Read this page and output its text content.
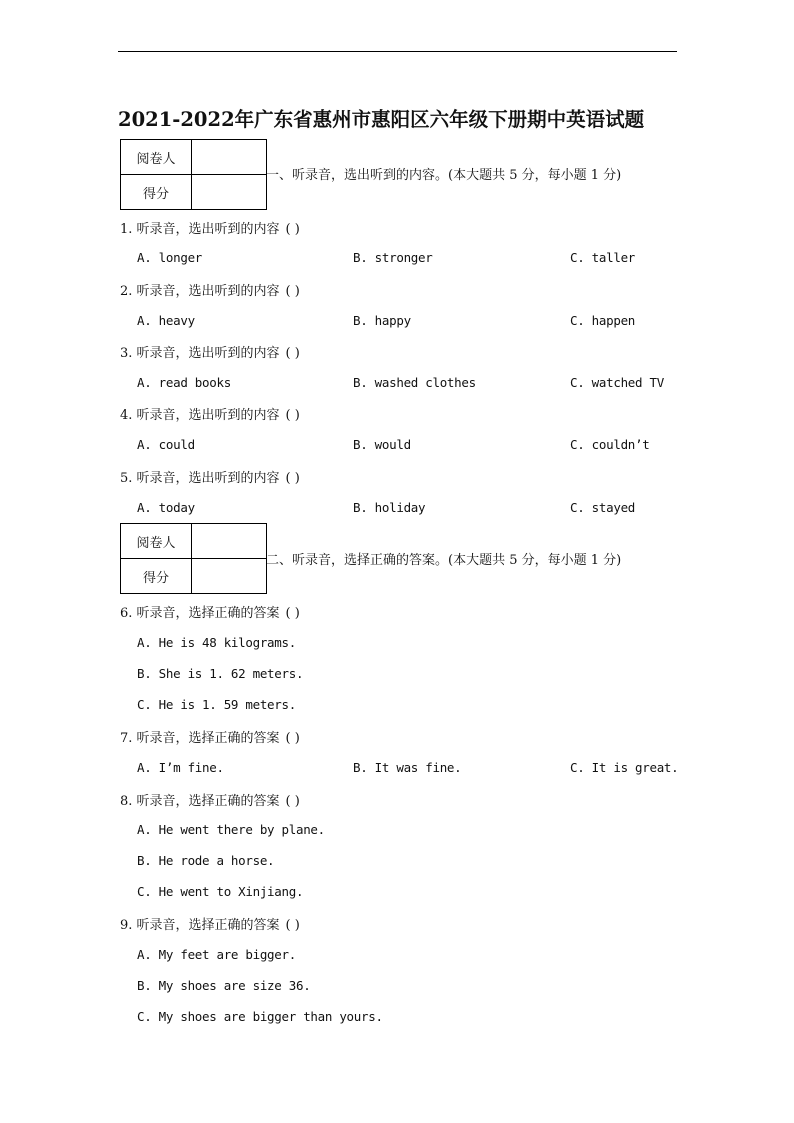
2021-2022年广东省惠州市惠阳区六年级下册期中英语试题
阅卷人	
得分	
一、听录音，选出听到的内容。(本大题共 5 分，每小题 1 分)
1. 听录音，选出听到的内容 ( )
A. longer	B. stronger	C. taller
2. 听录音，选出听到的内容 ( )
A. heavy	B. happy	C. happen
3. 听录音，选出听到的内容 ( )
A. read books	B. washed clothes	C. watched TV
4. 听录音，选出听到的内容 ( )
A. could	B. would	C. couldn’t
5. 听录音，选出听到的内容 ( )
A. today	B. holiday	C. stayed
阅卷人	
得分	
二、听录音，选择正确的答案。(本大题共 5 分，每小题 1 分)
6. 听录音，选择正确的答案 ( )
A. He is 48 kilograms.
B. She is 1. 62 meters.
C. He is 1. 59 meters.
7. 听录音，选择正确的答案 ( )
A. I’m fine.	B. It was fine.	C. It is great.
8. 听录音，选择正确的答案 ( )
A. He went there by plane.
B. He rode a horse.
C. He went to Xinjiang.
9. 听录音，选择正确的答案 ( )
A. My feet are bigger.
B. My shoes are size 36.
C. My shoes are bigger than yours.
